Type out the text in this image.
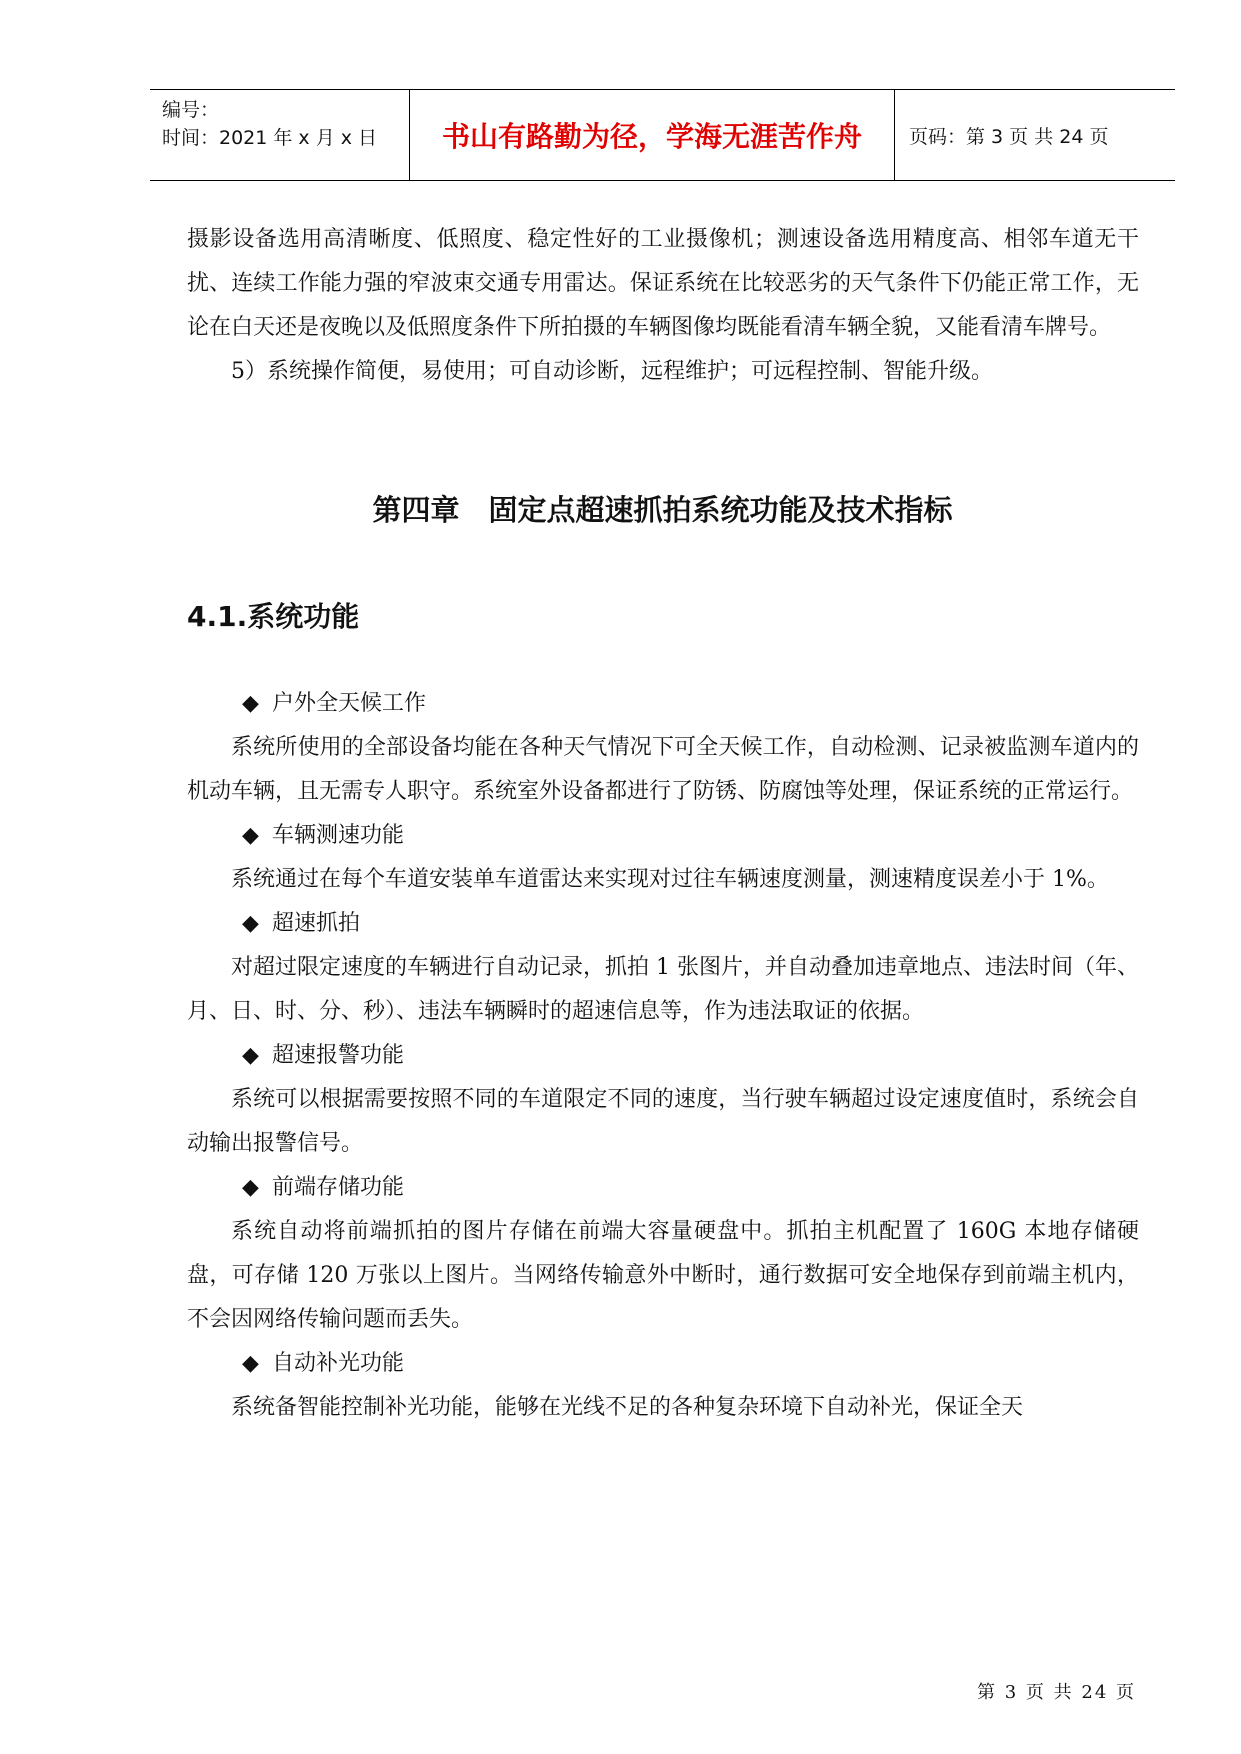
编号：
时间：2021 年 x 月 x 日	书山有路勤为径，学海无涯苦作舟	页码：第 3 页 共 24 页

摄影设备选用高清晰度、低照度、稳定性好的工业摄像机；测速设备选用精度高、相邻车道无干扰、连续工作能力强的窄波束交通专用雷达。保证系统在比较恶劣的天气条件下仍能正常工作，无论在白天还是夜晚以及低照度条件下所拍摄的车辆图像均既能看清车辆全貌，又能看清车牌号。

5）系统操作简便，易使用；可自动诊断，远程维护；可远程控制、智能升级。

第四章　固定点超速抓拍系统功能及技术指标
4.1.系统功能

◆ 户外全天候工作

系统所使用的全部设备均能在各种天气情况下可全天候工作，自动检测、记录被监测车道内的机动车辆，且无需专人职守。系统室外设备都进行了防锈、防腐蚀等处理，保证系统的正常运行。

◆ 车辆测速功能

系统通过在每个车道安装单车道雷达来实现对过往车辆速度测量，测速精度误差小于 1%。

◆ 超速抓拍

对超过限定速度的车辆进行自动记录，抓拍 1 张图片，并自动叠加违章地点、违法时间（年、月、日、时、分、秒）、违法车辆瞬时的超速信息等，作为违法取证的依据。

◆ 超速报警功能

系统可以根据需要按照不同的车道限定不同的速度，当行驶车辆超过设定速度值时，系统会自动输出报警信号。

◆ 前端存储功能

系统自动将前端抓拍的图片存储在前端大容量硬盘中。抓拍主机配置了 160G 本地存储硬盘，可存储 120 万张以上图片。当网络传输意外中断时，通行数据可安全地保存到前端主机内，不会因网络传输问题而丢失。

◆ 自动补光功能

系统备智能控制补光功能，能够在光线不足的各种复杂环境下自动补光，保证全天

第 3 页 共 24 页
